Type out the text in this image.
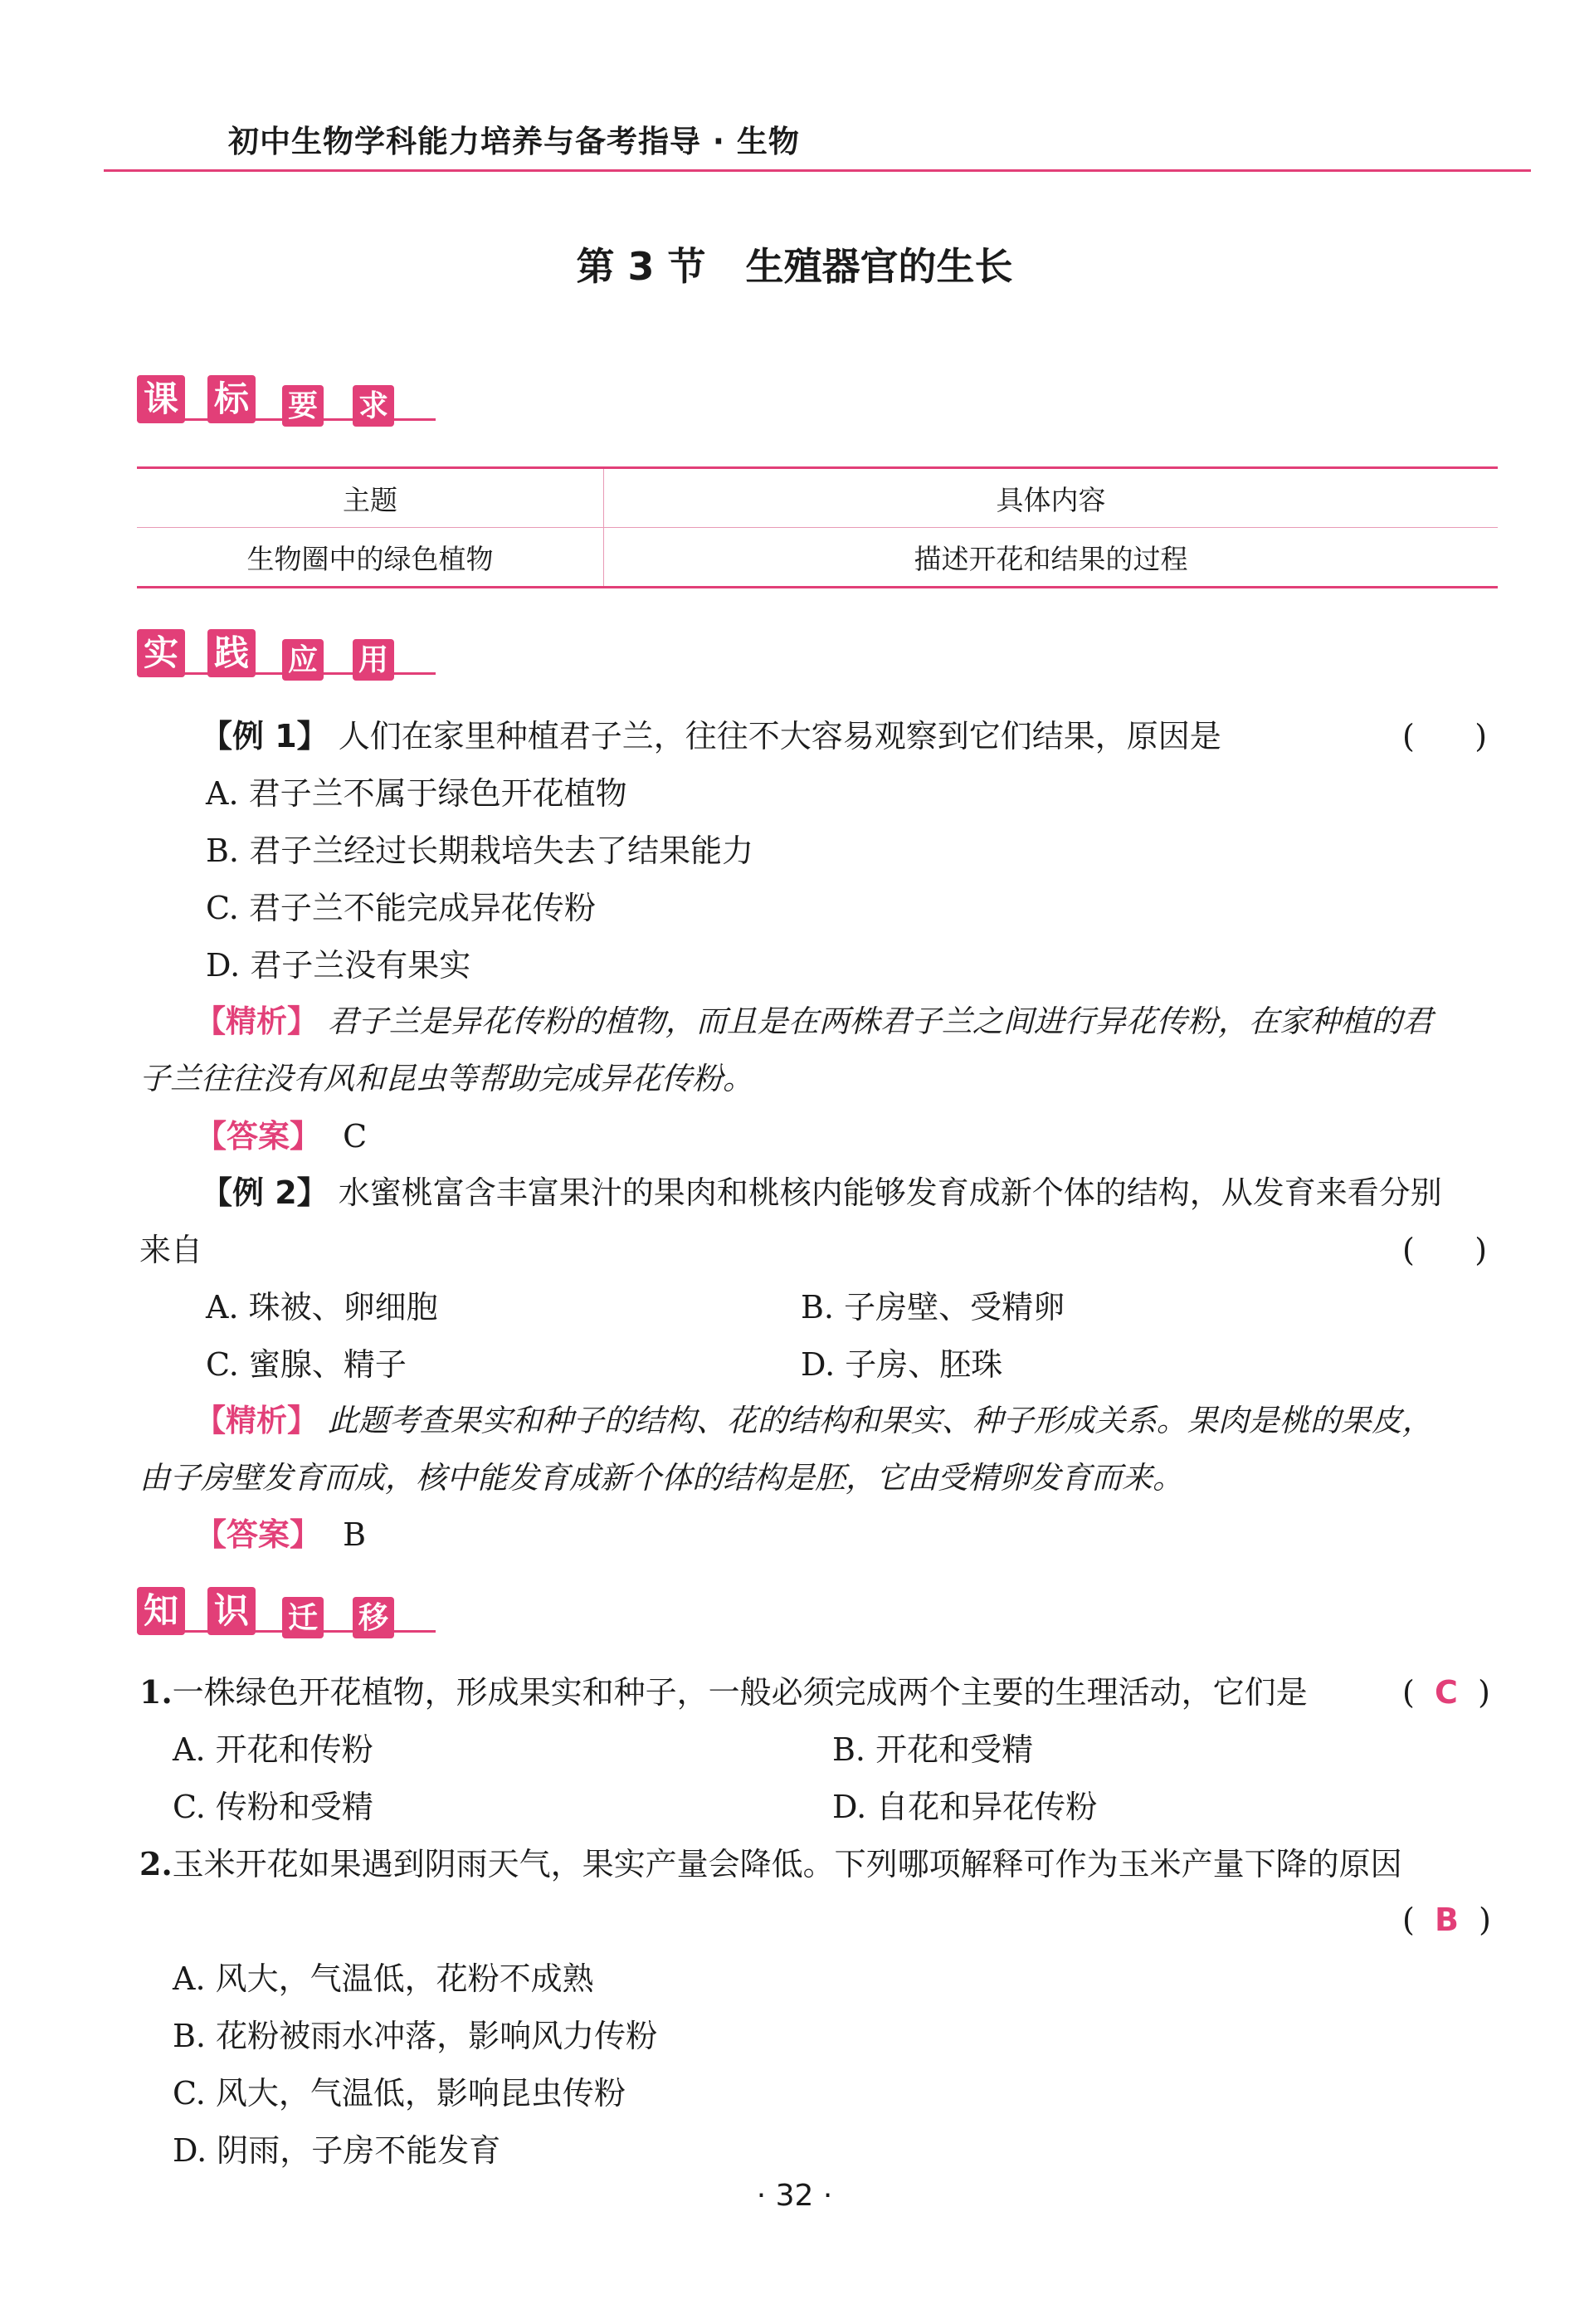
初中生物学科能力培养与备考指导 · 生物
第 3 节 生殖器官的生长
课 标 要 求
主题	具体内容
生物圈中的绿色植物	描述开花和结果的过程
实 践 应 用
【例 1】 人们在家里种植君子兰，往往不大容易观察到它们结果，原因是	(      )
A. 君子兰不属于绿色开花植物
B. 君子兰经过长期栽培失去了结果能力
C. 君子兰不能完成异花传粉
D. 君子兰没有果实
【精析】 君子兰是异花传粉的植物，而且是在两株君子兰之间进行异花传粉，在家种植的君
子兰往往没有风和昆虫等帮助完成异花传粉。
【答案】 C
【例 2】 水蜜桃富含丰富果汁的果肉和桃核内能够发育成新个体的结构，从发育来看分别
来自	(      )
A. 珠被、卵细胞	B. 子房壁、受精卵
C. 蜜腺、精子	D. 子房、胚珠
【精析】 此题考查果实和种子的结构、花的结构和果实、种子形成关系。果肉是桃的果皮，
由子房壁发育而成，核中能发育成新个体的结构是胚，它由受精卵发育而来。
【答案】 B
知 识 迁 移
1.一株绿色开花植物，形成果实和种子，一般必须完成两个主要的生理活动，它们是	( C )
A. 开花和传粉	B. 开花和受精
C. 传粉和受精	D. 自花和异花传粉
2.玉米开花如果遇到阴雨天气，果实产量会降低。下列哪项解释可作为玉米产量下降的原因
( B )
A. 风大，气温低，花粉不成熟
B. 花粉被雨水冲落，影响风力传粉
C. 风大，气温低，影响昆虫传粉
D. 阴雨，子房不能发育
· 32 ·
